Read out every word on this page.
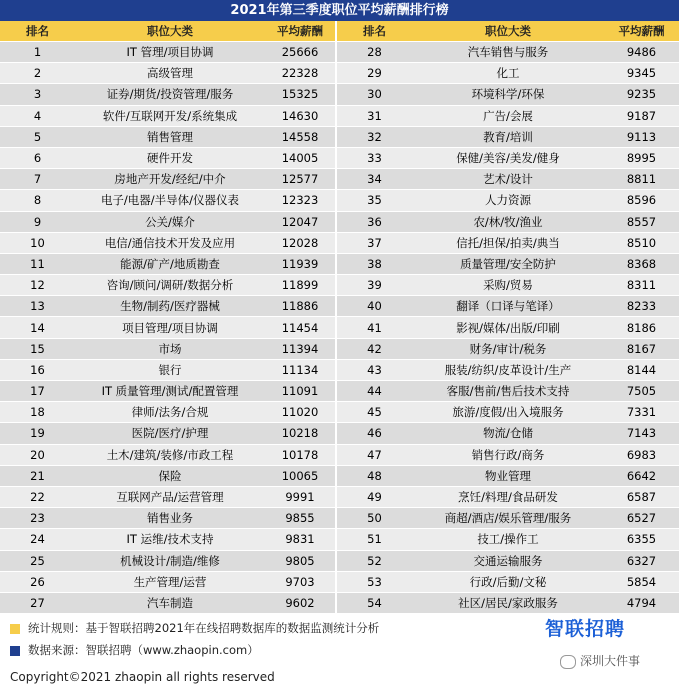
2021年第三季度职位平均薪酬排行榜
排名	职位大类	平均薪酬		排名	职位大类	平均薪酬
1	IT 管理/项目协调	25666		28	汽车销售与服务	9486
2	高级管理	22328		29	化工	9345
3	证券/期货/投资管理/服务	15325		30	环境科学/环保	9235
4	软件/互联网开发/系统集成	14630		31	广告/会展	9187
5	销售管理	14558		32	教育/培训	9113
6	硬件开发	14005		33	保健/美容/美发/健身	8995
7	房地产开发/经纪/中介	12577		34	艺术/设计	8811
8	电子/电器/半导体/仪器仪表	12323		35	人力资源	8596
9	公关/媒介	12047		36	农/林/牧/渔业	8557
10	电信/通信技术开发及应用	12028		37	信托/担保/拍卖/典当	8510
11	能源/矿产/地质勘查	11939		38	质量管理/安全防护	8368
12	咨询/顾问/调研/数据分析	11899		39	采购/贸易	8311
13	生物/制药/医疗器械	11886		40	翻译（口译与笔译）	8233
14	项目管理/项目协调	11454		41	影视/媒体/出版/印刷	8186
15	市场	11394		42	财务/审计/税务	8167
16	银行	11134		43	服装/纺织/皮革设计/生产	8144
17	IT 质量管理/测试/配置管理	11091		44	客服/售前/售后技术支持	7505
18	律师/法务/合规	11020		45	旅游/度假/出入境服务	7331
19	医院/医疗/护理	10218		46	物流/仓储	7143
20	土木/建筑/装修/市政工程	10178		47	销售行政/商务	6983
21	保险	10065		48	物业管理	6642
22	互联网产品/运营管理	9991		49	烹饪/料理/食品研发	6587
23	销售业务	9855		50	商超/酒店/娱乐管理/服务	6527
24	IT 运维/技术支持	9831		51	技工/操作工	6355
25	机械设计/制造/维修	9805		52	交通运输服务	6327
26	生产管理/运营	9703		53	行政/后勤/文秘	5854
27	汽车制造	9602		54	社区/居民/家政服务	4794
统计规则：基于智联招聘2021年在线招聘数据库的数据监测统计分析
数据来源：智联招聘（www.zhaopin.com）
智联招聘
深圳大件事
Copyright©2021 zhaopin all rights reserved
